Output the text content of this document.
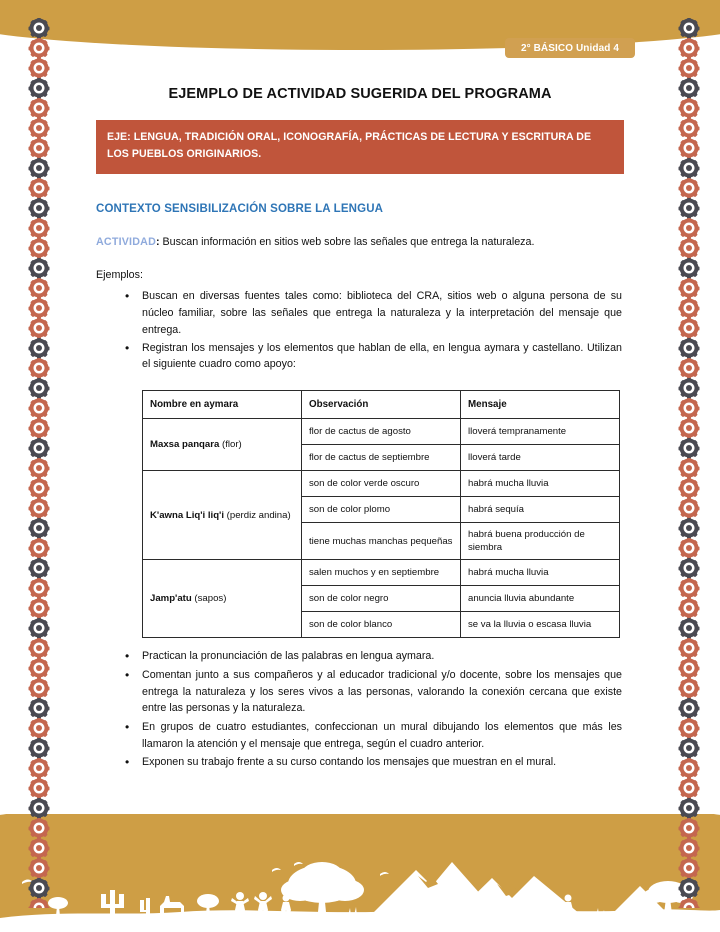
2° BÁSICO Unidad 4
EJEMPLO DE ACTIVIDAD SUGERIDA DEL PROGRAMA
EJE: LENGUA, TRADICIÓN ORAL, ICONOGRAFÍA, PRÁCTICAS DE LECTURA Y ESCRITURA DE LOS PUEBLOS ORIGINARIOS.
CONTEXTO SENSIBILIZACIÓN SOBRE LA LENGUA
ACTIVIDAD: Buscan información en sitios web sobre las señales que entrega la naturaleza.
Ejemplos:
• Buscan en diversas fuentes tales como: biblioteca del CRA, sitios web o alguna persona de su núcleo familiar, sobre las señales que entrega la naturaleza y la interpretación del mensaje que entrega.
• Registran los mensajes y los elementos que hablan de ella, en lengua aymara y castellano. Utilizan el siguiente cuadro como apoyo:
Nombre en aymara	Observación	Mensaje
Maxsa panqara (flor)	flor de cactus de agosto	lloverá tempranamente
	flor de cactus de septiembre	lloverá tarde
K'awna Liq'i liq'i (perdiz andina)	son de color verde oscuro	habrá mucha lluvia
	son de color plomo	habrá sequía
	tiene muchas manchas pequeñas	habrá buena producción de siembra
Jamp'atu (sapos)	salen muchos y en septiembre	habrá mucha lluvia
	son de color negro	anuncia lluvia abundante
	son de color blanco	se va la lluvia o escasa lluvia
• Practican la pronunciación de las palabras en lengua aymara.
• Comentan junto a sus compañeros y al educador tradicional y/o docente, sobre los mensajes que entrega la naturaleza y los seres vivos a las personas, valorando la conexión cercana que existe entre las personas y la naturaleza.
• En grupos de cuatro estudiantes, confeccionan un mural dibujando los elementos que más les llamaron la atención y el mensaje que entrega, según el cuadro anterior.
• Exponen su trabajo frente a su curso contando los mensajes que muestran en el mural.
